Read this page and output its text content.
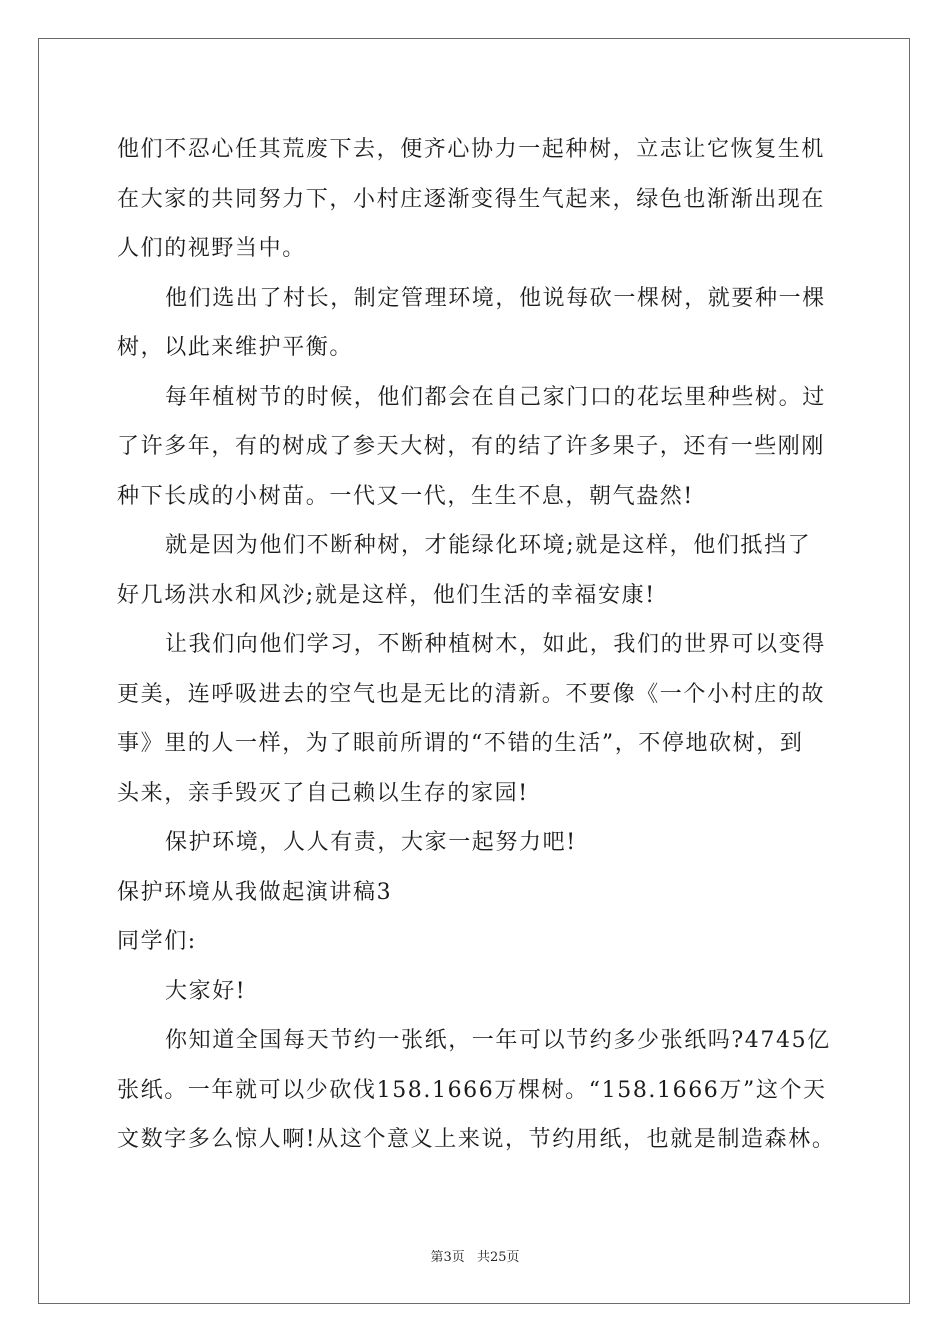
他们不忍心任其荒废下去，便齐心协力一起种树，立志让它恢复生机
在大家的共同努力下，小村庄逐渐变得生气起来，绿色也渐渐出现在
人们的视野当中。
他们选出了村长，制定管理环境，他说每砍一棵树，就要种一棵
树，以此来维护平衡。
每年植树节的时候，他们都会在自己家门口的花坛里种些树。过
了许多年，有的树成了参天大树，有的结了许多果子，还有一些刚刚
种下长成的小树苗。一代又一代，生生不息，朝气盎然!
就是因为他们不断种树，才能绿化环境;就是这样，他们抵挡了
好几场洪水和风沙;就是这样，他们生活的幸福安康!
让我们向他们学习，不断种植树木，如此，我们的世界可以变得
更美，连呼吸进去的空气也是无比的清新。不要像《一个小村庄的故
事》里的人一样，为了眼前所谓的“不错的生活”，不停地砍树，到
头来，亲手毁灭了自己赖以生存的家园!
保护环境，人人有责，大家一起努力吧!
保护环境从我做起演讲稿3
同学们:
大家好!
你知道全国每天节约一张纸，一年可以节约多少张纸吗?4745亿
张纸。一年就可以少砍伐158.1666万棵树。“158.1666万”这个天
文数字多么惊人啊!从这个意义上来说，节约用纸，也就是制造森林。
第3页 共25页
